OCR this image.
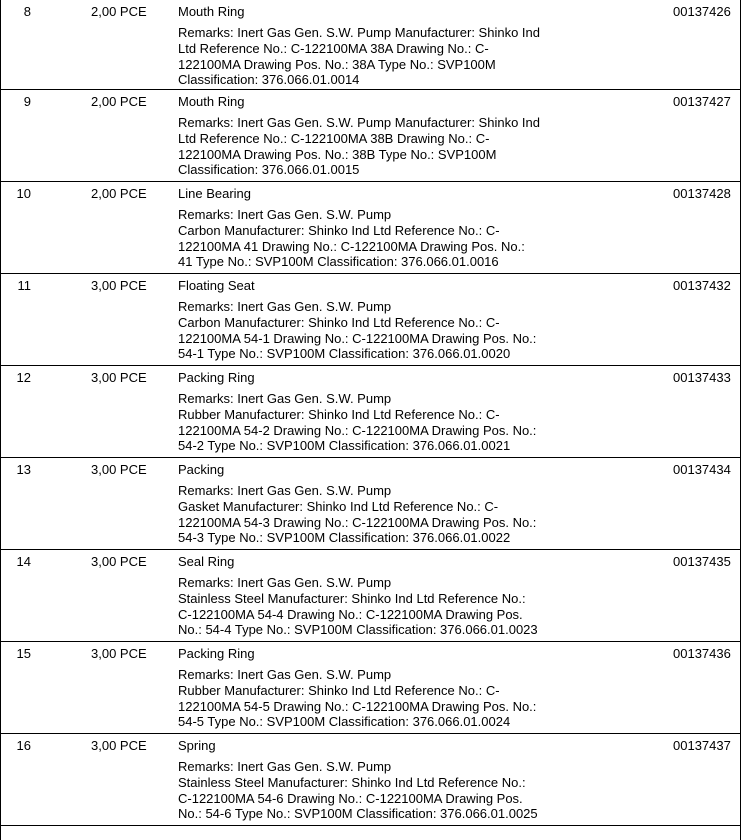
8	2,00 PCE	Mouth Ring
Remarks: Inert Gas Gen. S.W. Pump Manufacturer: Shinko Ind
Ltd Reference No.: C-122100MA 38A Drawing No.: C-
122100MA Drawing Pos. No.: 38A Type No.: SVP100M
Classification: 376.066.01.0014
00137426
9	2,00 PCE	Mouth Ring
Remarks: Inert Gas Gen. S.W. Pump Manufacturer: Shinko Ind
Ltd Reference No.: C-122100MA 38B Drawing No.: C-
122100MA Drawing Pos. No.: 38B Type No.: SVP100M
Classification: 376.066.01.0015
00137427
10	2,00 PCE	Line Bearing
Remarks: Inert Gas Gen. S.W. Pump
Carbon Manufacturer: Shinko Ind Ltd Reference No.: C-
122100MA 41 Drawing No.: C-122100MA Drawing Pos. No.:
41 Type No.: SVP100M Classification: 376.066.01.0016
00137428
11	3,00 PCE	Floating Seat
Remarks: Inert Gas Gen. S.W. Pump
Carbon Manufacturer: Shinko Ind Ltd Reference No.: C-
122100MA 54-1 Drawing No.: C-122100MA Drawing Pos. No.:
54-1 Type No.: SVP100M Classification: 376.066.01.0020
00137432
12	3,00 PCE	Packing Ring
Remarks: Inert Gas Gen. S.W. Pump
Rubber Manufacturer: Shinko Ind Ltd Reference No.: C-
122100MA 54-2 Drawing No.: C-122100MA Drawing Pos. No.:
54-2 Type No.: SVP100M Classification: 376.066.01.0021
00137433
13	3,00 PCE	Packing
Remarks: Inert Gas Gen. S.W. Pump
Gasket Manufacturer: Shinko Ind Ltd Reference No.: C-
122100MA 54-3 Drawing No.: C-122100MA Drawing Pos. No.:
54-3 Type No.: SVP100M Classification: 376.066.01.0022
00137434
14	3,00 PCE	Seal Ring
Remarks: Inert Gas Gen. S.W. Pump
Stainless Steel Manufacturer: Shinko Ind Ltd Reference No.:
C-122100MA 54-4 Drawing No.: C-122100MA Drawing Pos.
No.: 54-4 Type No.: SVP100M Classification: 376.066.01.0023
00137435
15	3,00 PCE	Packing Ring
Remarks: Inert Gas Gen. S.W. Pump
Rubber Manufacturer: Shinko Ind Ltd Reference No.: C-
122100MA 54-5 Drawing No.: C-122100MA Drawing Pos. No.:
54-5 Type No.: SVP100M Classification: 376.066.01.0024
00137436
16	3,00 PCE	Spring
Remarks: Inert Gas Gen. S.W. Pump
Stainless Steel Manufacturer: Shinko Ind Ltd Reference No.:
C-122100MA 54-6 Drawing No.: C-122100MA Drawing Pos.
No.: 54-6 Type No.: SVP100M Classification: 376.066.01.0025
00137437
